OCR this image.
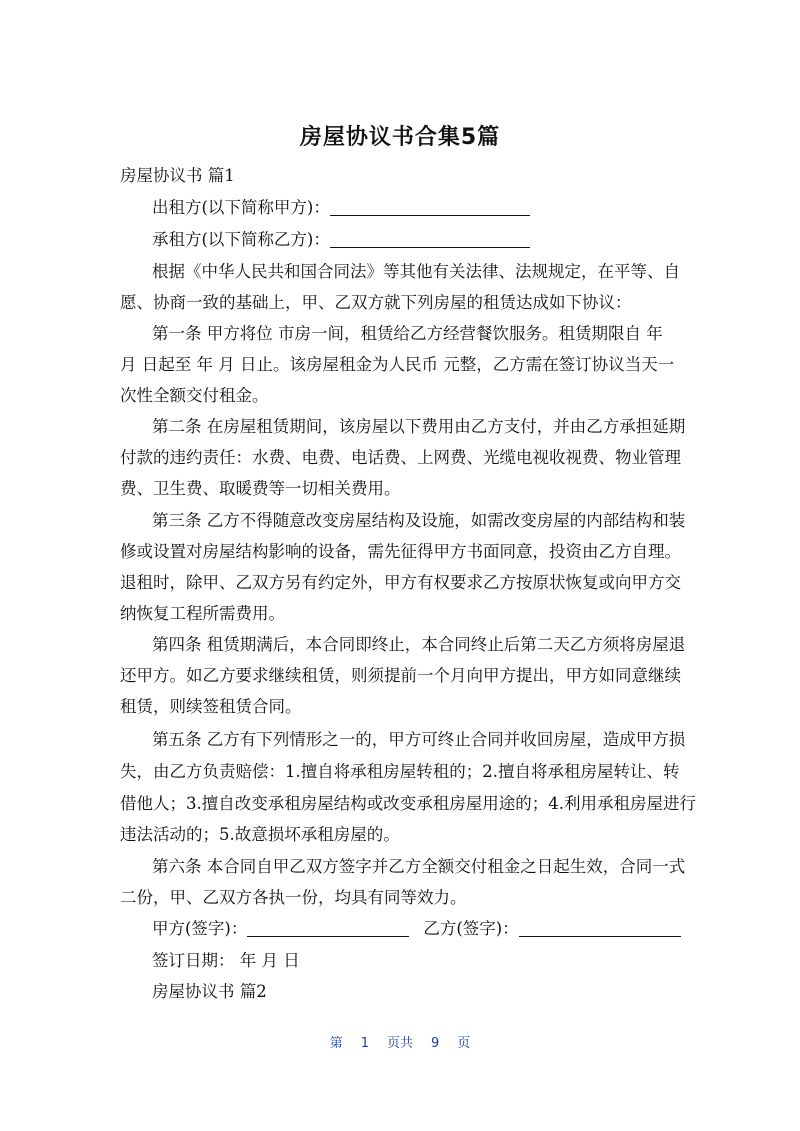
房屋协议书合集5篇
房屋协议书 篇1
出租方(以下简称甲方)：
承租方(以下简称乙方)：
根据《中华人民共和国合同法》等其他有关法律、法规规定，在平等、自
愿、协商一致的基础上，甲、乙双方就下列房屋的租赁达成如下协议：
第一条 甲方将位 市房一间，租赁给乙方经营餐饮服务。租赁期限自 年
月 日起至 年 月 日止。该房屋租金为人民币 元整，乙方需在签订协议当天一
次性全额交付租金。
第二条 在房屋租赁期间，该房屋以下费用由乙方支付，并由乙方承担延期
付款的违约责任：水费、电费、电话费、上网费、光缆电视收视费、物业管理
费、卫生费、取暖费等一切相关费用。
第三条 乙方不得随意改变房屋结构及设施，如需改变房屋的内部结构和装
修或设置对房屋结构影响的设备，需先征得甲方书面同意，投资由乙方自理。
退租时，除甲、乙双方另有约定外，甲方有权要求乙方按原状恢复或向甲方交
纳恢复工程所需费用。
第四条 租赁期满后，本合同即终止，本合同终止后第二天乙方须将房屋退
还甲方。如乙方要求继续租赁，则须提前一个月向甲方提出，甲方如同意继续
租赁，则续签租赁合同。
第五条 乙方有下列情形之一的，甲方可终止合同并收回房屋，造成甲方损
失，由乙方负责赔偿：1.擅自将承租房屋转租的；2.擅自将承租房屋转让、转
借他人；3.擅自改变承租房屋结构或改变承租房屋用途的；4.利用承租房屋进行
违法活动的；5.故意损坏承租房屋的。
第六条 本合同自甲乙双方签字并乙方全额交付租金之日起生效，合同一式
二份，甲、乙双方各执一份，均具有同等效力。
甲方(签字)：	乙方(签字)：
签订日期： 年 月 日
房屋协议书 篇2
第 1 页共 9 页
